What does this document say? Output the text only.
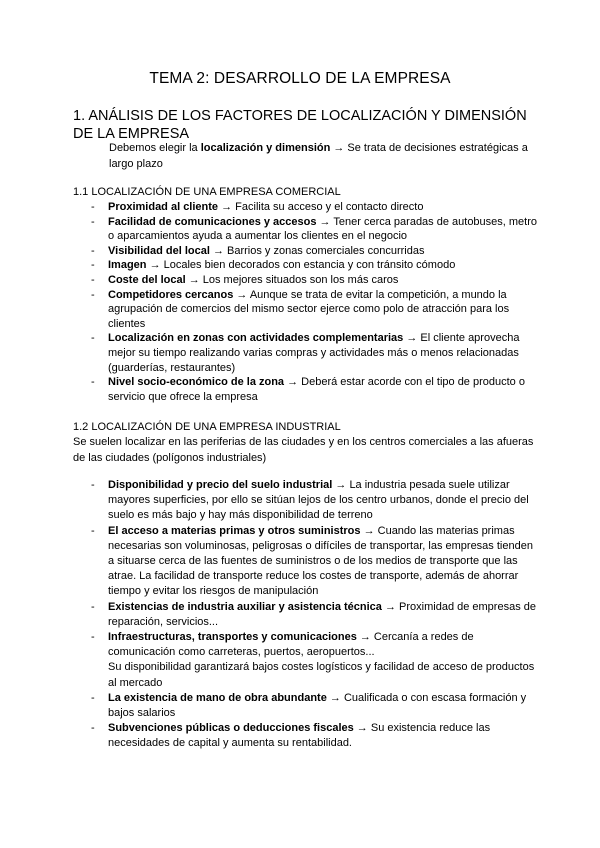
TEMA 2: DESARROLLO DE LA EMPRESA
1. ANÁLISIS DE LOS FACTORES DE LOCALIZACIÓN Y DIMENSIÓN DE LA EMPRESA
Debemos elegir la localización y dimensión → Se trata de decisiones estratégicas a largo plazo
1.1 LOCALIZACIÓN DE UNA EMPRESA COMERCIAL
- Proximidad al cliente → Facilita su acceso y el contacto directo
- Facilidad de comunicaciones y accesos → Tener cerca paradas de autobuses, metro o aparcamientos ayuda a aumentar los clientes en el negocio
- Visibilidad del local → Barrios y zonas comerciales concurridas
- Imagen → Locales bien decorados con estancia y con tránsito cómodo
- Coste del local → Los mejores situados son los más caros
- Competidores cercanos → Aunque se trata de evitar la competición, a mundo la agrupación de comercios del mismo sector ejerce como polo de atracción para los clientes
- Localización en zonas con actividades complementarias → El cliente aprovecha mejor su tiempo realizando varias compras y actividades más o menos relacionadas (guarderías, restaurantes)
- Nivel socio-económico de la zona → Deberá estar acorde con el tipo de producto o servicio que ofrece la empresa
1.2 LOCALIZACIÓN DE UNA EMPRESA INDUSTRIAL
Se suelen localizar en las periferias de las ciudades y en los centros comerciales a las afueras de las ciudades (polígonos industriales)
- Disponibilidad y precio del suelo industrial → La industria pesada suele utilizar mayores superficies, por ello se sitúan lejos de los centro urbanos, donde el precio del suelo es más bajo y hay más disponibilidad de terreno
- El acceso a materias primas y otros suministros → Cuando las materias primas necesarias son voluminosas, peligrosas o difíciles de transportar, las empresas tienden a situarse cerca de las fuentes de suministros o de los medios de transporte que las atrae. La facilidad de transporte reduce los costes de transporte, además de ahorrar tiempo y evitar los riesgos de manipulación
- Existencias de industria auxiliar y asistencia técnica → Proximidad de empresas de reparación, servicios...
- Infraestructuras, transportes y comunicaciones → Cercanía a redes de comunicación como carreteras, puertos, aeropuertos...
Su disponibilidad garantizará bajos costes logísticos y facilidad de acceso de productos al mercado
- La existencia de mano de obra abundante → Cualificada o con escasa formación y bajos salarios
- Subvenciones públicas o deducciones fiscales → Su existencia reduce las necesidades de capital y aumenta su rentabilidad.
